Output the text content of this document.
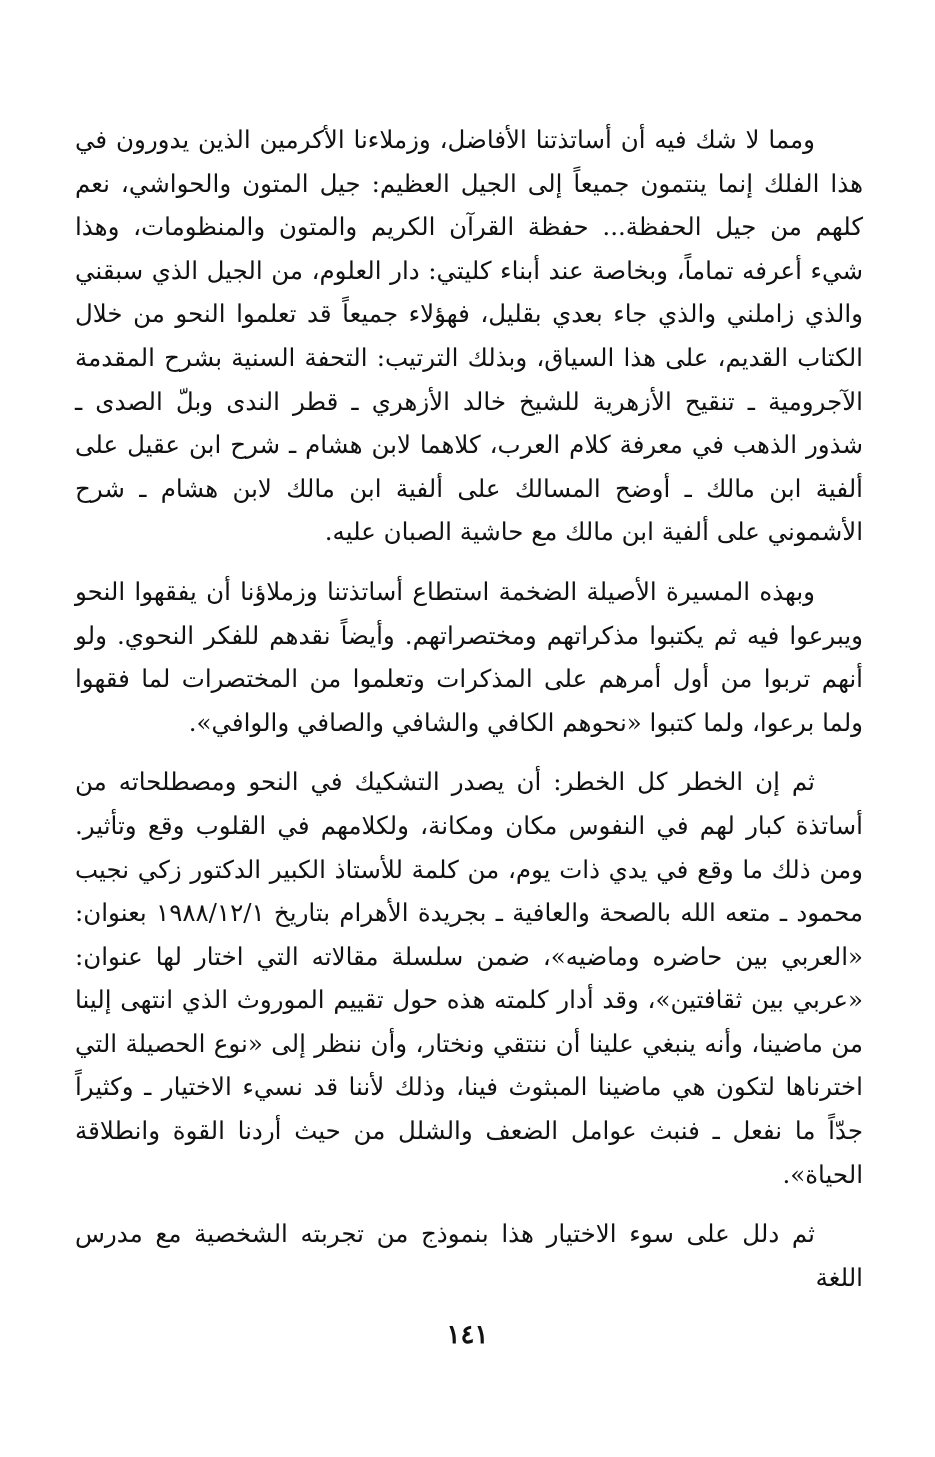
ومما لا شك فيه أن أساتذتنا الأفاضل، وزملاءنا الأكرمين الذين يدورون في هذا الفلك إنما ينتمون جميعاً إلى الجيل العظيم: جيل المتون والحواشي، نعم كلهم من جيل الحفظة... حفظة القرآن الكريم والمتون والمنظومات، وهذا شيء أعرفه تماماً، وبخاصة عند أبناء كليتي: دار العلوم، من الجيل الذي سبقني والذي زاملني والذي جاء بعدي بقليل، فهؤلاء جميعاً قد تعلموا النحو من خلال الكتاب القديم، على هذا السياق، وبذلك الترتيب: التحفة السنية بشرح المقدمة الآجرومية ـ تنقيح الأزهرية للشيخ خالد الأزهري ـ قطر الندى وبلّ الصدى ـ شذور الذهب في معرفة كلام العرب، كلاهما لابن هشام ـ شرح ابن عقيل على ألفية ابن مالك ـ أوضح المسالك على ألفية ابن مالك لابن هشام ـ شرح الأشموني على ألفية ابن مالك مع حاشية الصبان عليه.

وبهذه المسيرة الأصيلة الضخمة استطاع أساتذتنا وزملاؤنا أن يفقهوا النحو ويبرعوا فيه ثم يكتبوا مذكراتهم ومختصراتهم. وأيضاً نقدهم للفكر النحوي. ولو أنهم تربوا من أول أمرهم على المذكرات وتعلموا من المختصرات لما فقهوا ولما برعوا، ولما كتبوا «نحوهم الكافي والشافي والصافي والوافي».

ثم إن الخطر كل الخطر: أن يصدر التشكيك في النحو ومصطلحاته من أساتذة كبار لهم في النفوس مكان ومكانة، ولكلامهم في القلوب وقع وتأثير. ومن ذلك ما وقع في يدي ذات يوم، من كلمة للأستاذ الكبير الدكتور زكي نجيب محمود ـ متعه الله بالصحة والعافية ـ بجريدة الأهرام بتاريخ ١٩٨٨/١٢/١ بعنوان: «العربي بين حاضره وماضيه»، ضمن سلسلة مقالاته التي اختار لها عنوان: «عربي بين ثقافتين»، وقد أدار كلمته هذه حول تقييم الموروث الذي انتهى إلينا من ماضينا، وأنه ينبغي علينا أن ننتقي ونختار، وأن ننظر إلى «نوع الحصيلة التي اخترناها لتكون هي ماضينا المبثوث فينا، وذلك لأننا قد نسيء الاختيار ـ وكثيراً جدّاً ما نفعل ـ فنبث عوامل الضعف والشلل من حيث أردنا القوة وانطلاقة الحياة».

ثم دلل على سوء الاختيار هذا بنموذج من تجربته الشخصية مع مدرس اللغة

١٤١
